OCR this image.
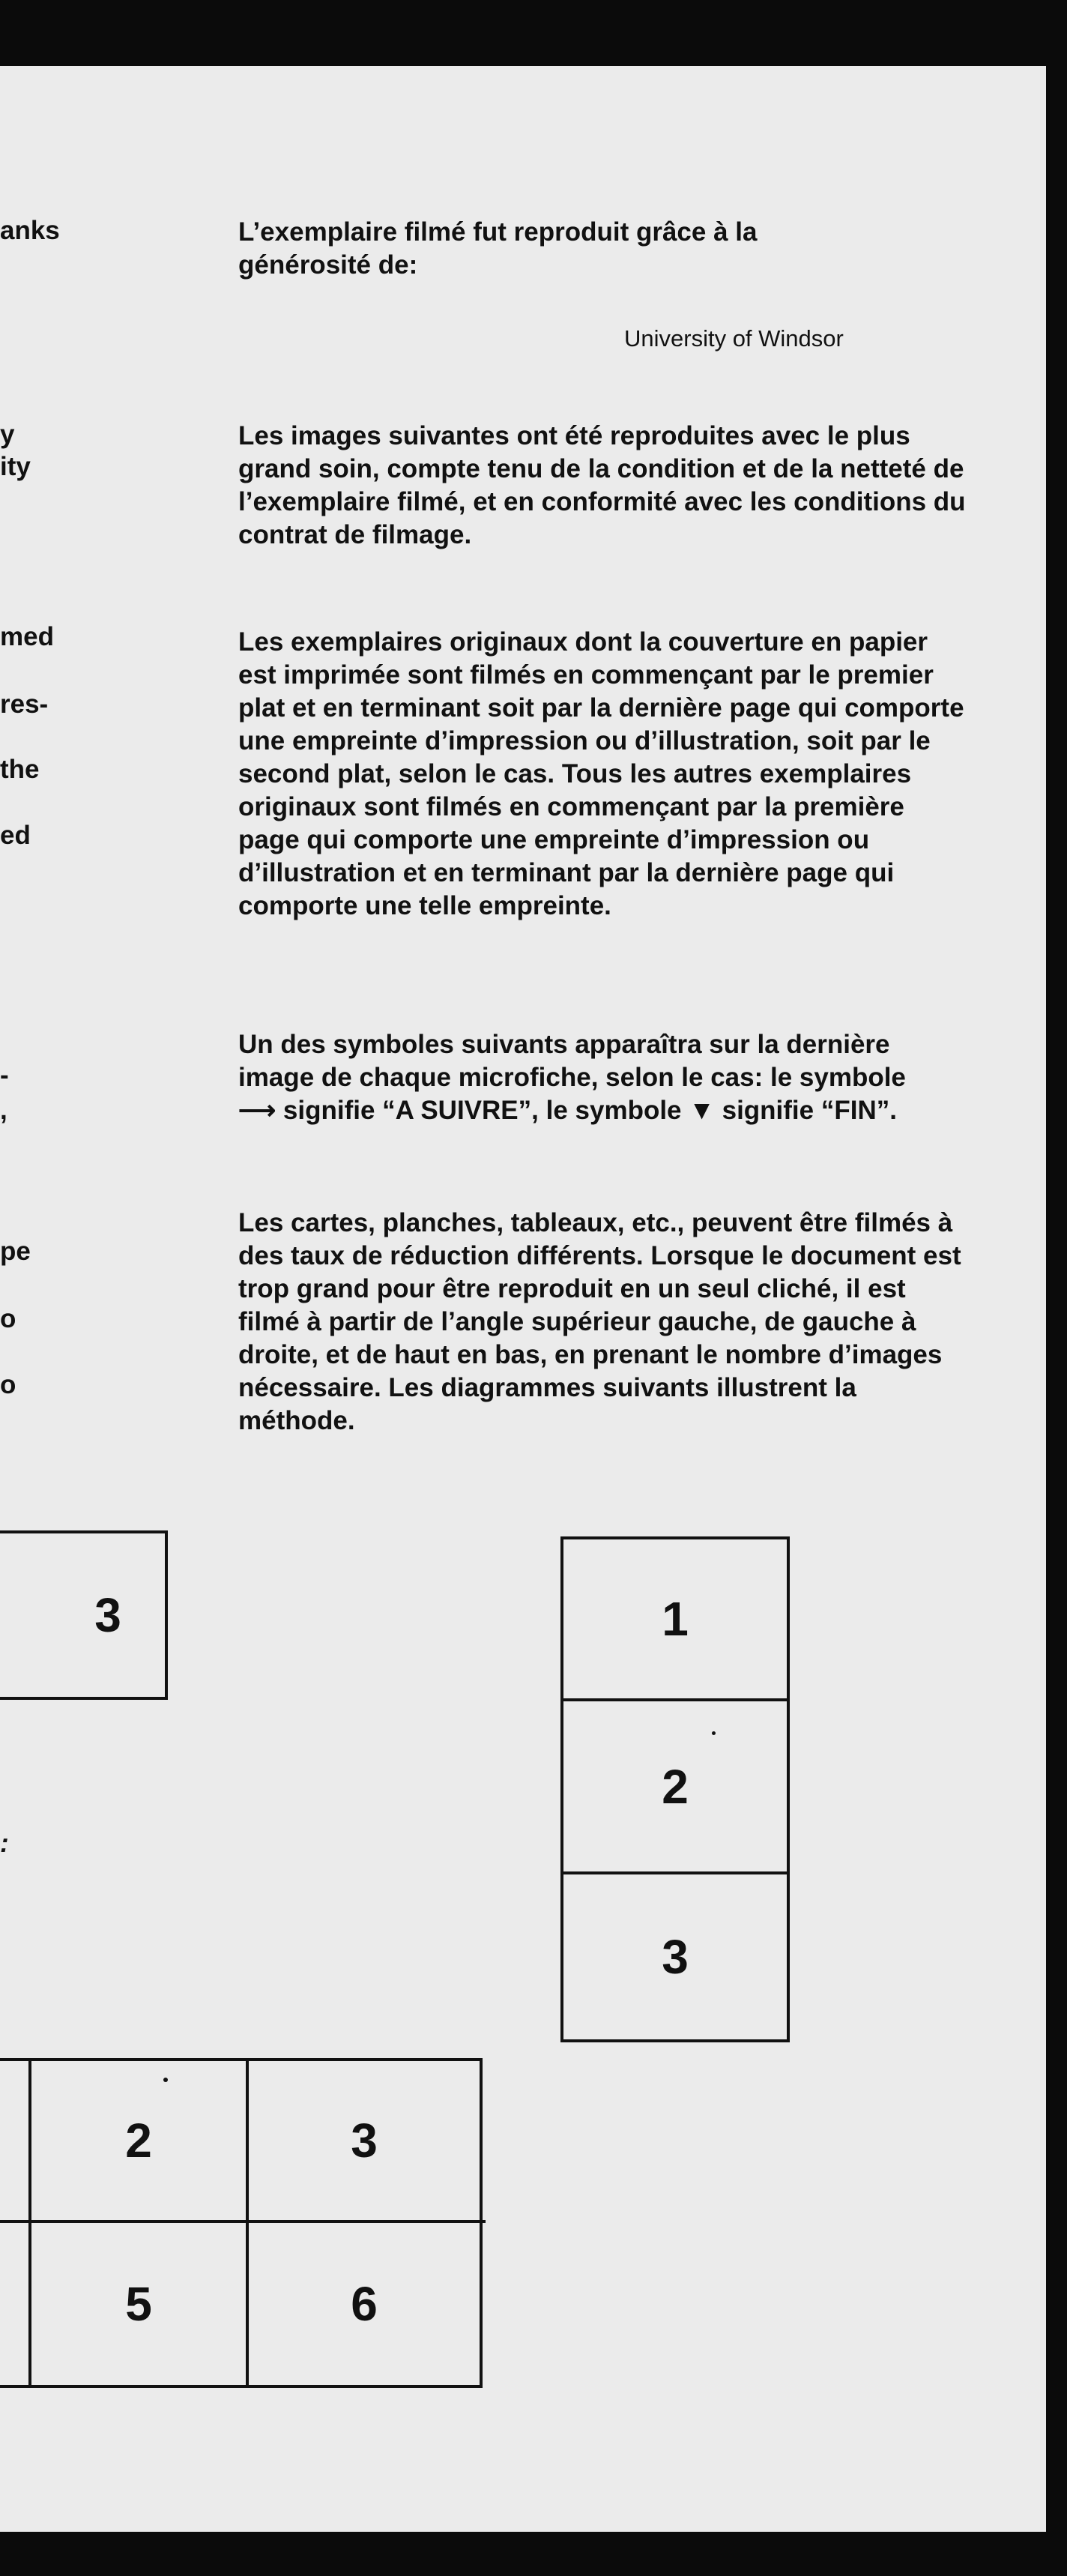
anks
y
ity
med
res-
the
ed
-
,
pe
o
o
:

L’exemplaire filmé fut reproduit grâce à la générosité de:

University of Windsor

Les images suivantes ont été reproduites avec le plus grand soin, compte tenu de la condition et de la netteté de l’exemplaire filmé, et en conformité avec les conditions du contrat de filmage.

Les exemplaires originaux dont la couverture en papier est imprimée sont filmés en commençant par le premier plat et en terminant soit par la dernière page qui comporte une empreinte d’impression ou d’illustration, soit par le second plat, selon le cas. Tous les autres exemplaires originaux sont filmés en commençant par la première page qui comporte une empreinte d’impression ou d’illustration et en terminant par la dernière page qui comporte une telle empreinte.

Un des symboles suivants apparaîtra sur la dernière image de chaque microfiche, selon le cas: le symbole ⟶ signifie “A SUIVRE”, le symbole ▼ signifie “FIN”.

Les cartes, planches, tableaux, etc., peuvent être filmés à des taux de réduction différents. Lorsque le document est trop grand pour être reproduit en un seul cliché, il est filmé à partir de l’angle supérieur gauche, de gauche à droite, et de haut en bas, en prenant le nombre d’images nécessaire. Les diagrammes suivants illustrent la méthode.

3	1
2
3
2	3
5	6
